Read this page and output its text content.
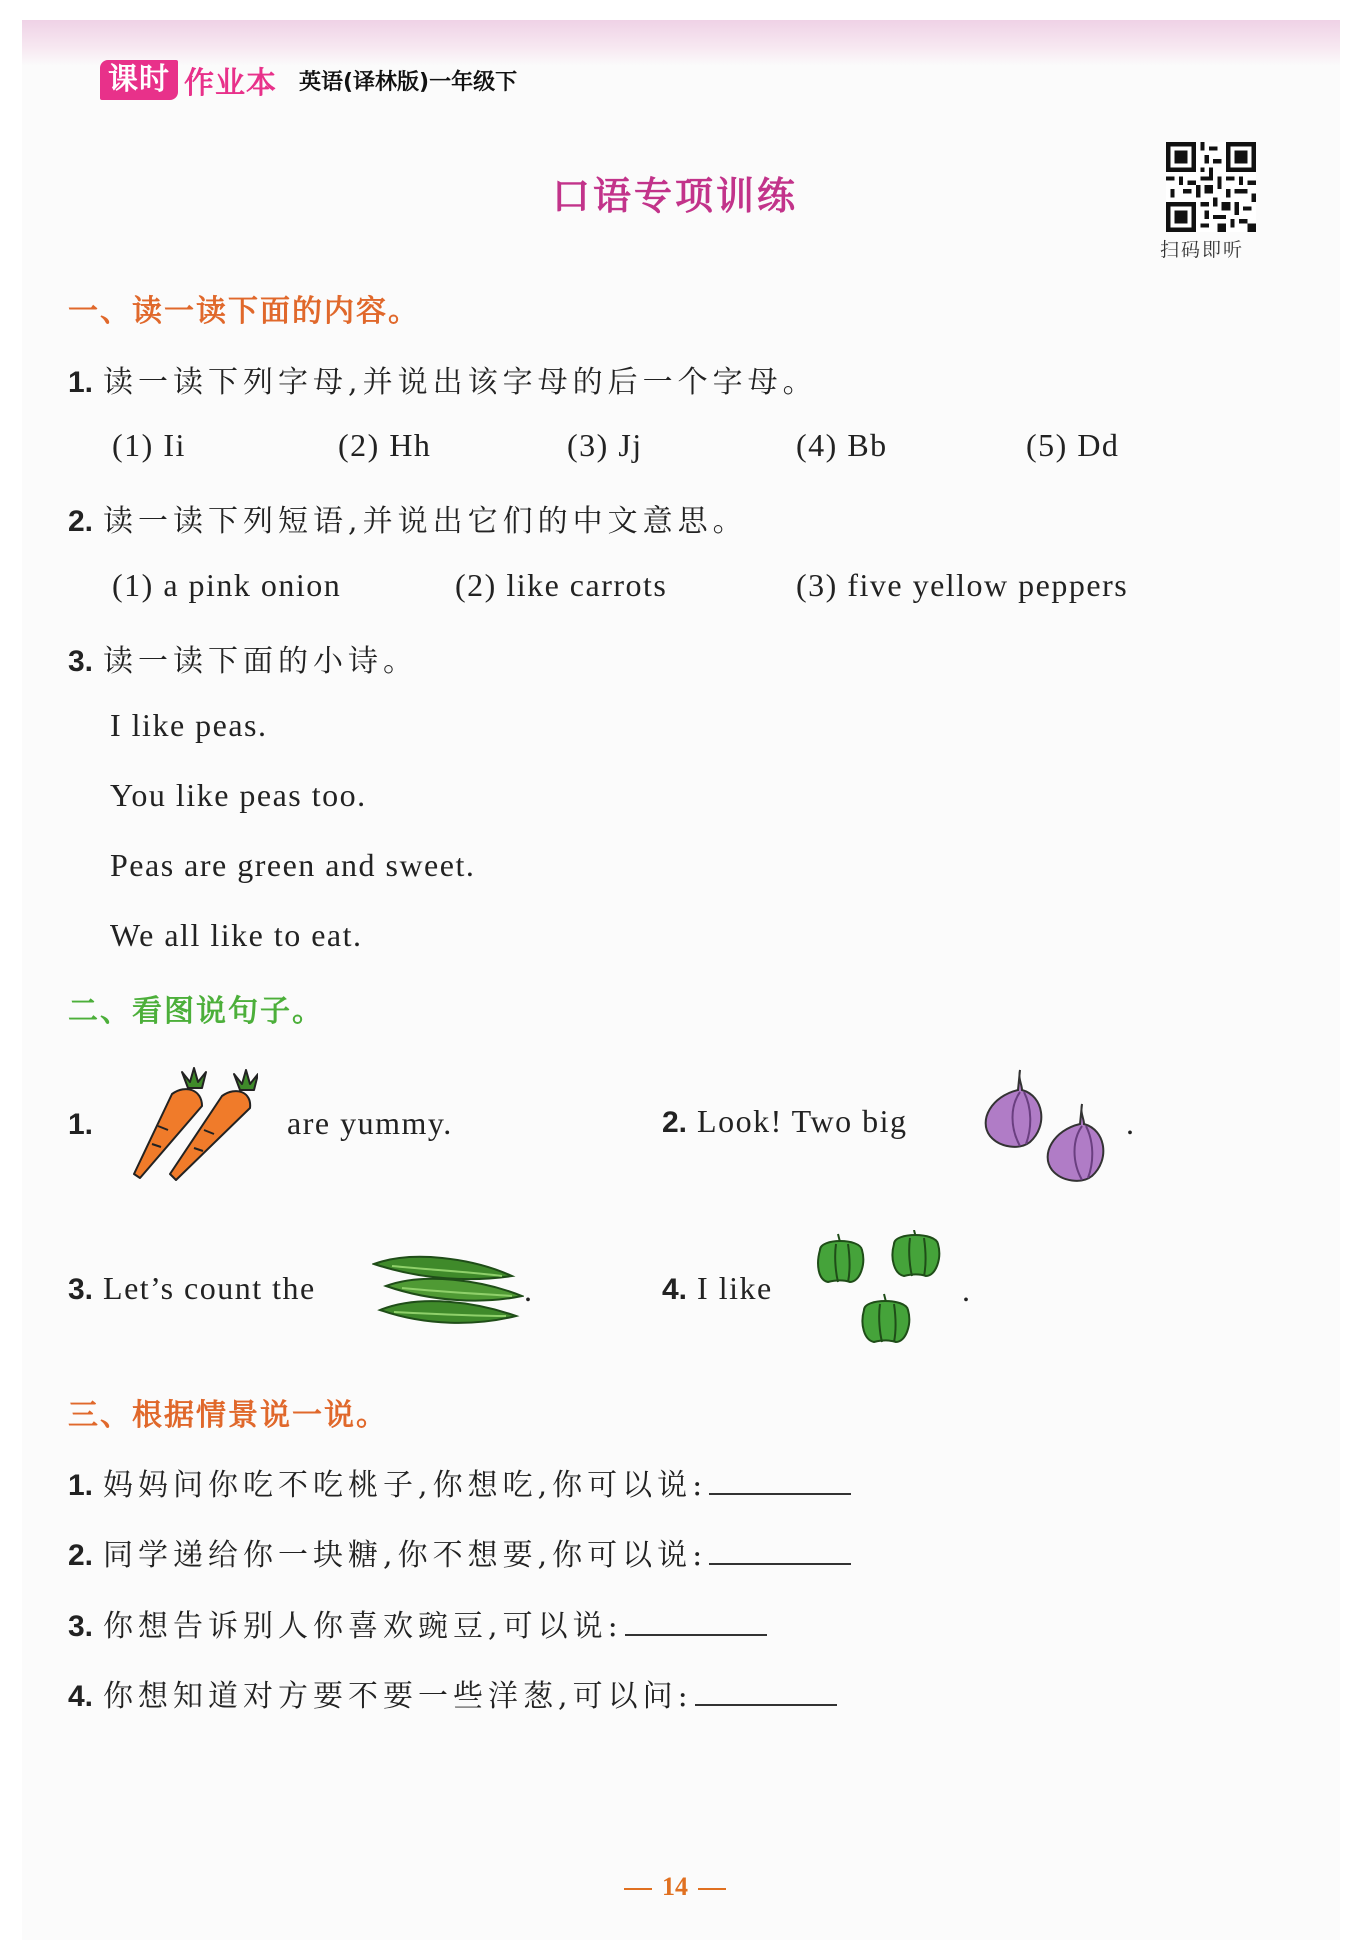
课时 作业本 英语(译林版)一年级下
口语专项训练
扫码即听
一、读一读下面的内容。
1. 读一读下列字母,并说出该字母的后一个字母。
(1) Ii	(2) Hh	(3) Jj	(4) Bb	(5) Dd
2. 读一读下列短语,并说出它们的中文意思。
(1) a pink onion	(2) like carrots	(3) five yellow peppers
3. 读一读下面的小诗。
I like peas.
You like peas too.
Peas are green and sweet.
We all like to eat.
二、看图说句子。
1.	are yummy.	2. Look! Two big	.
3. Let’s count the	.	4. I like	.
三、根据情景说一说。
1. 妈妈问你吃不吃桃子,你想吃,你可以说:
2. 同学递给你一块糖,你不想要,你可以说:
3. 你想告诉别人你喜欢豌豆,可以说:
4. 你想知道对方要不要一些洋葱,可以问:
14
